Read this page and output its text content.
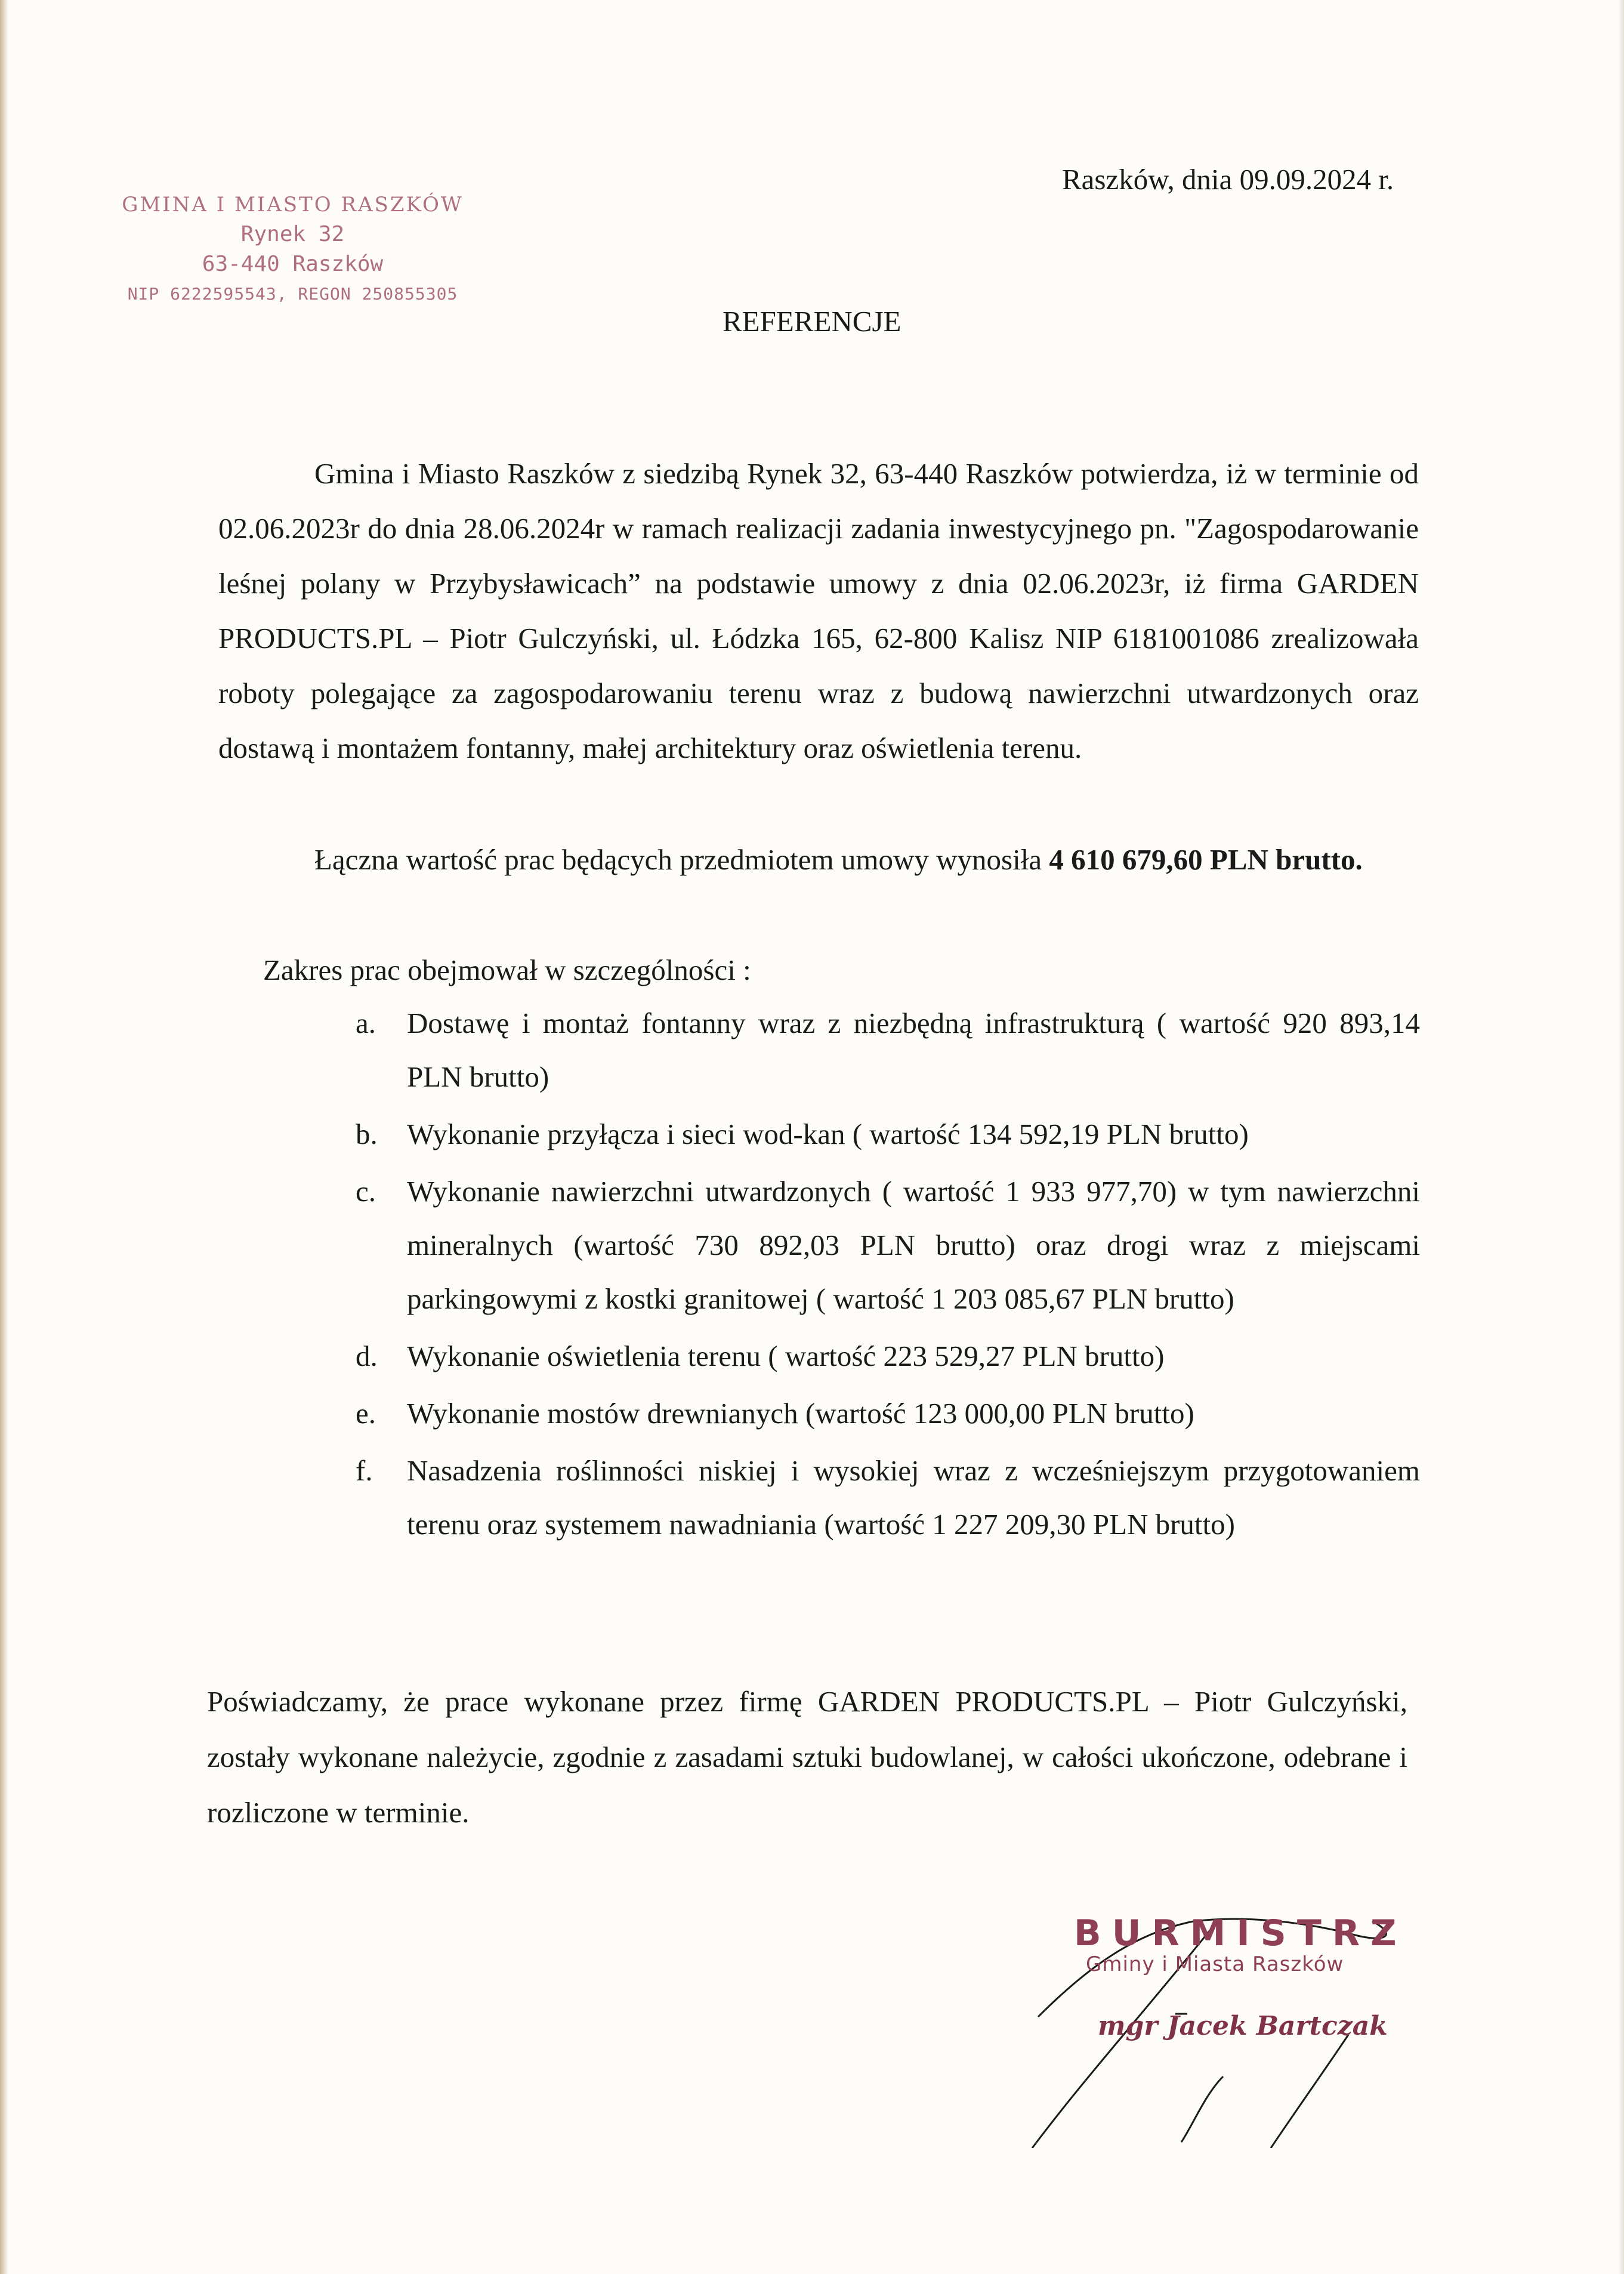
GMINA I MIASTO RASZKÓW
Rynek 32
63-440 Raszków
NIP 6222595543, REGON 250855305
Raszków, dnia 09.09.2024 r.
REFERENCJE
Gmina i Miasto Raszków z siedzibą Rynek 32, 63-440 Raszków potwierdza, iż w terminie od 02.06.2023r do dnia 28.06.2024r w ramach realizacji zadania inwestycyjnego pn. "Zagospodarowanie leśnej polany w Przybysławicach” na podstawie umowy z dnia 02.06.2023r, iż firma GARDEN PRODUCTS.PL – Piotr Gulczyński, ul. Łódzka 165, 62-800 Kalisz NIP 6181001086 zrealizowała roboty polegające za zagospodarowaniu terenu wraz z budową nawierzchni utwardzonych oraz dostawą i montażem fontanny, małej architektury oraz oświetlenia terenu.
Łączna wartość prac będących przedmiotem umowy wynosiła 4 610 679,60 PLN brutto.
Zakres prac obejmował w szczególności :
a. Dostawę i montaż fontanny wraz z niezbędną infrastrukturą ( wartość 920 893,14 PLN brutto)
b. Wykonanie przyłącza i sieci wod-kan ( wartość 134 592,19 PLN brutto)
c. Wykonanie nawierzchni utwardzonych ( wartość 1 933 977,70) w tym nawierzchni mineralnych (wartość 730 892,03 PLN brutto) oraz drogi wraz z miejscami parkingowymi z kostki granitowej ( wartość 1 203 085,67 PLN brutto)
d. Wykonanie oświetlenia terenu ( wartość 223 529,27 PLN brutto)
e. Wykonanie mostów drewnianych (wartość 123 000,00 PLN brutto)
f. Nasadzenia roślinności niskiej i wysokiej wraz z wcześniejszym przygotowaniem terenu oraz systemem nawadniania (wartość 1 227 209,30 PLN brutto)
Poświadczamy, że prace wykonane przez firmę GARDEN PRODUCTS.PL – Piotr Gulczyński, zostały wykonane należycie, zgodnie z zasadami sztuki budowlanej, w całości ukończone, odebrane i rozliczone w terminie.
BURMISTRZ
Gminy i Miasta Raszków
mgr Jacek Bartczak
